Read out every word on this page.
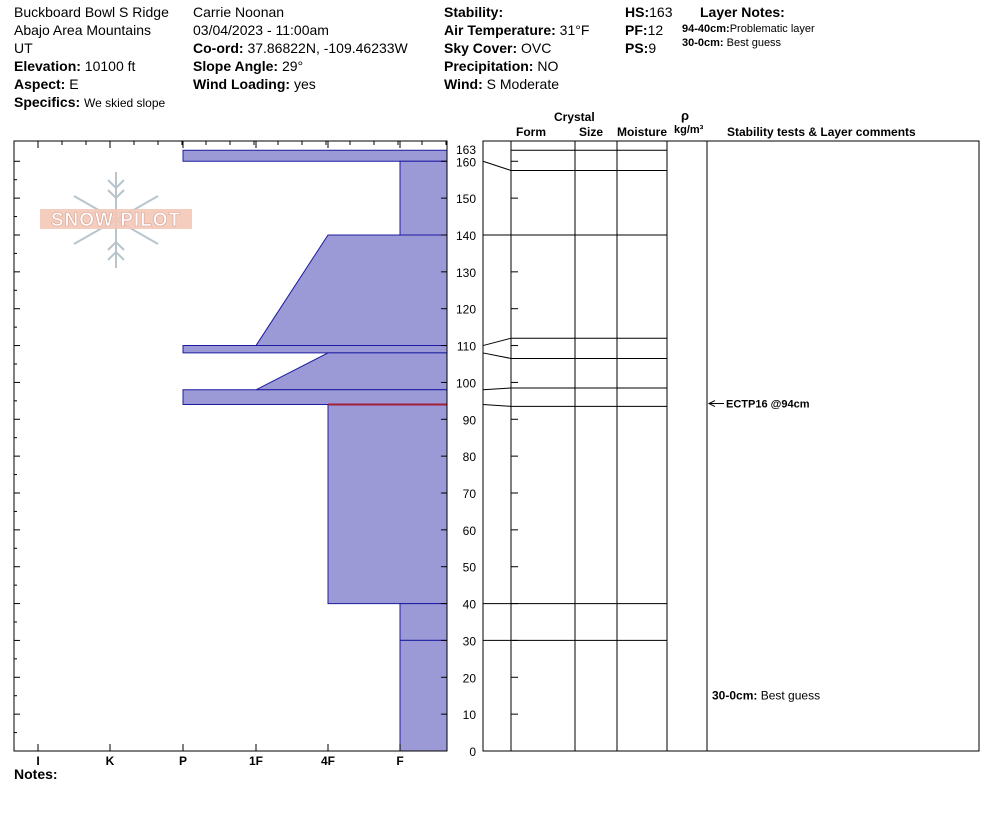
Buckboard Bowl S Ridge
Abajo Area Mountains
UT
Elevation: 10100 ft
Aspect: E
Specifics: We skied slope
Carrie Noonan
03/04/2023 - 11:00am
Co-ord: 37.86822N, -109.46233W
Slope Angle: 29°
Wind Loading: yes
Stability:
Air Temperature: 31°F
Sky Cover: OVC
Precipitation: NO
Wind: S Moderate
HS:163
PF:12
PS:9
Layer Notes:
94-40cm:Problematic layer
30-0cm: Best guess
Crystal
Form	Size Moisture
ρ
kg/m³ Stability tests & Layer comments
0
10
20
30
40
50
60
70
80
90
100
110
120
130
140
150
160
163
I	K	P	1F	4F	F
ECTP16 @94cm
30-0cm: Best guess
SNOW PILOT
Notes:
